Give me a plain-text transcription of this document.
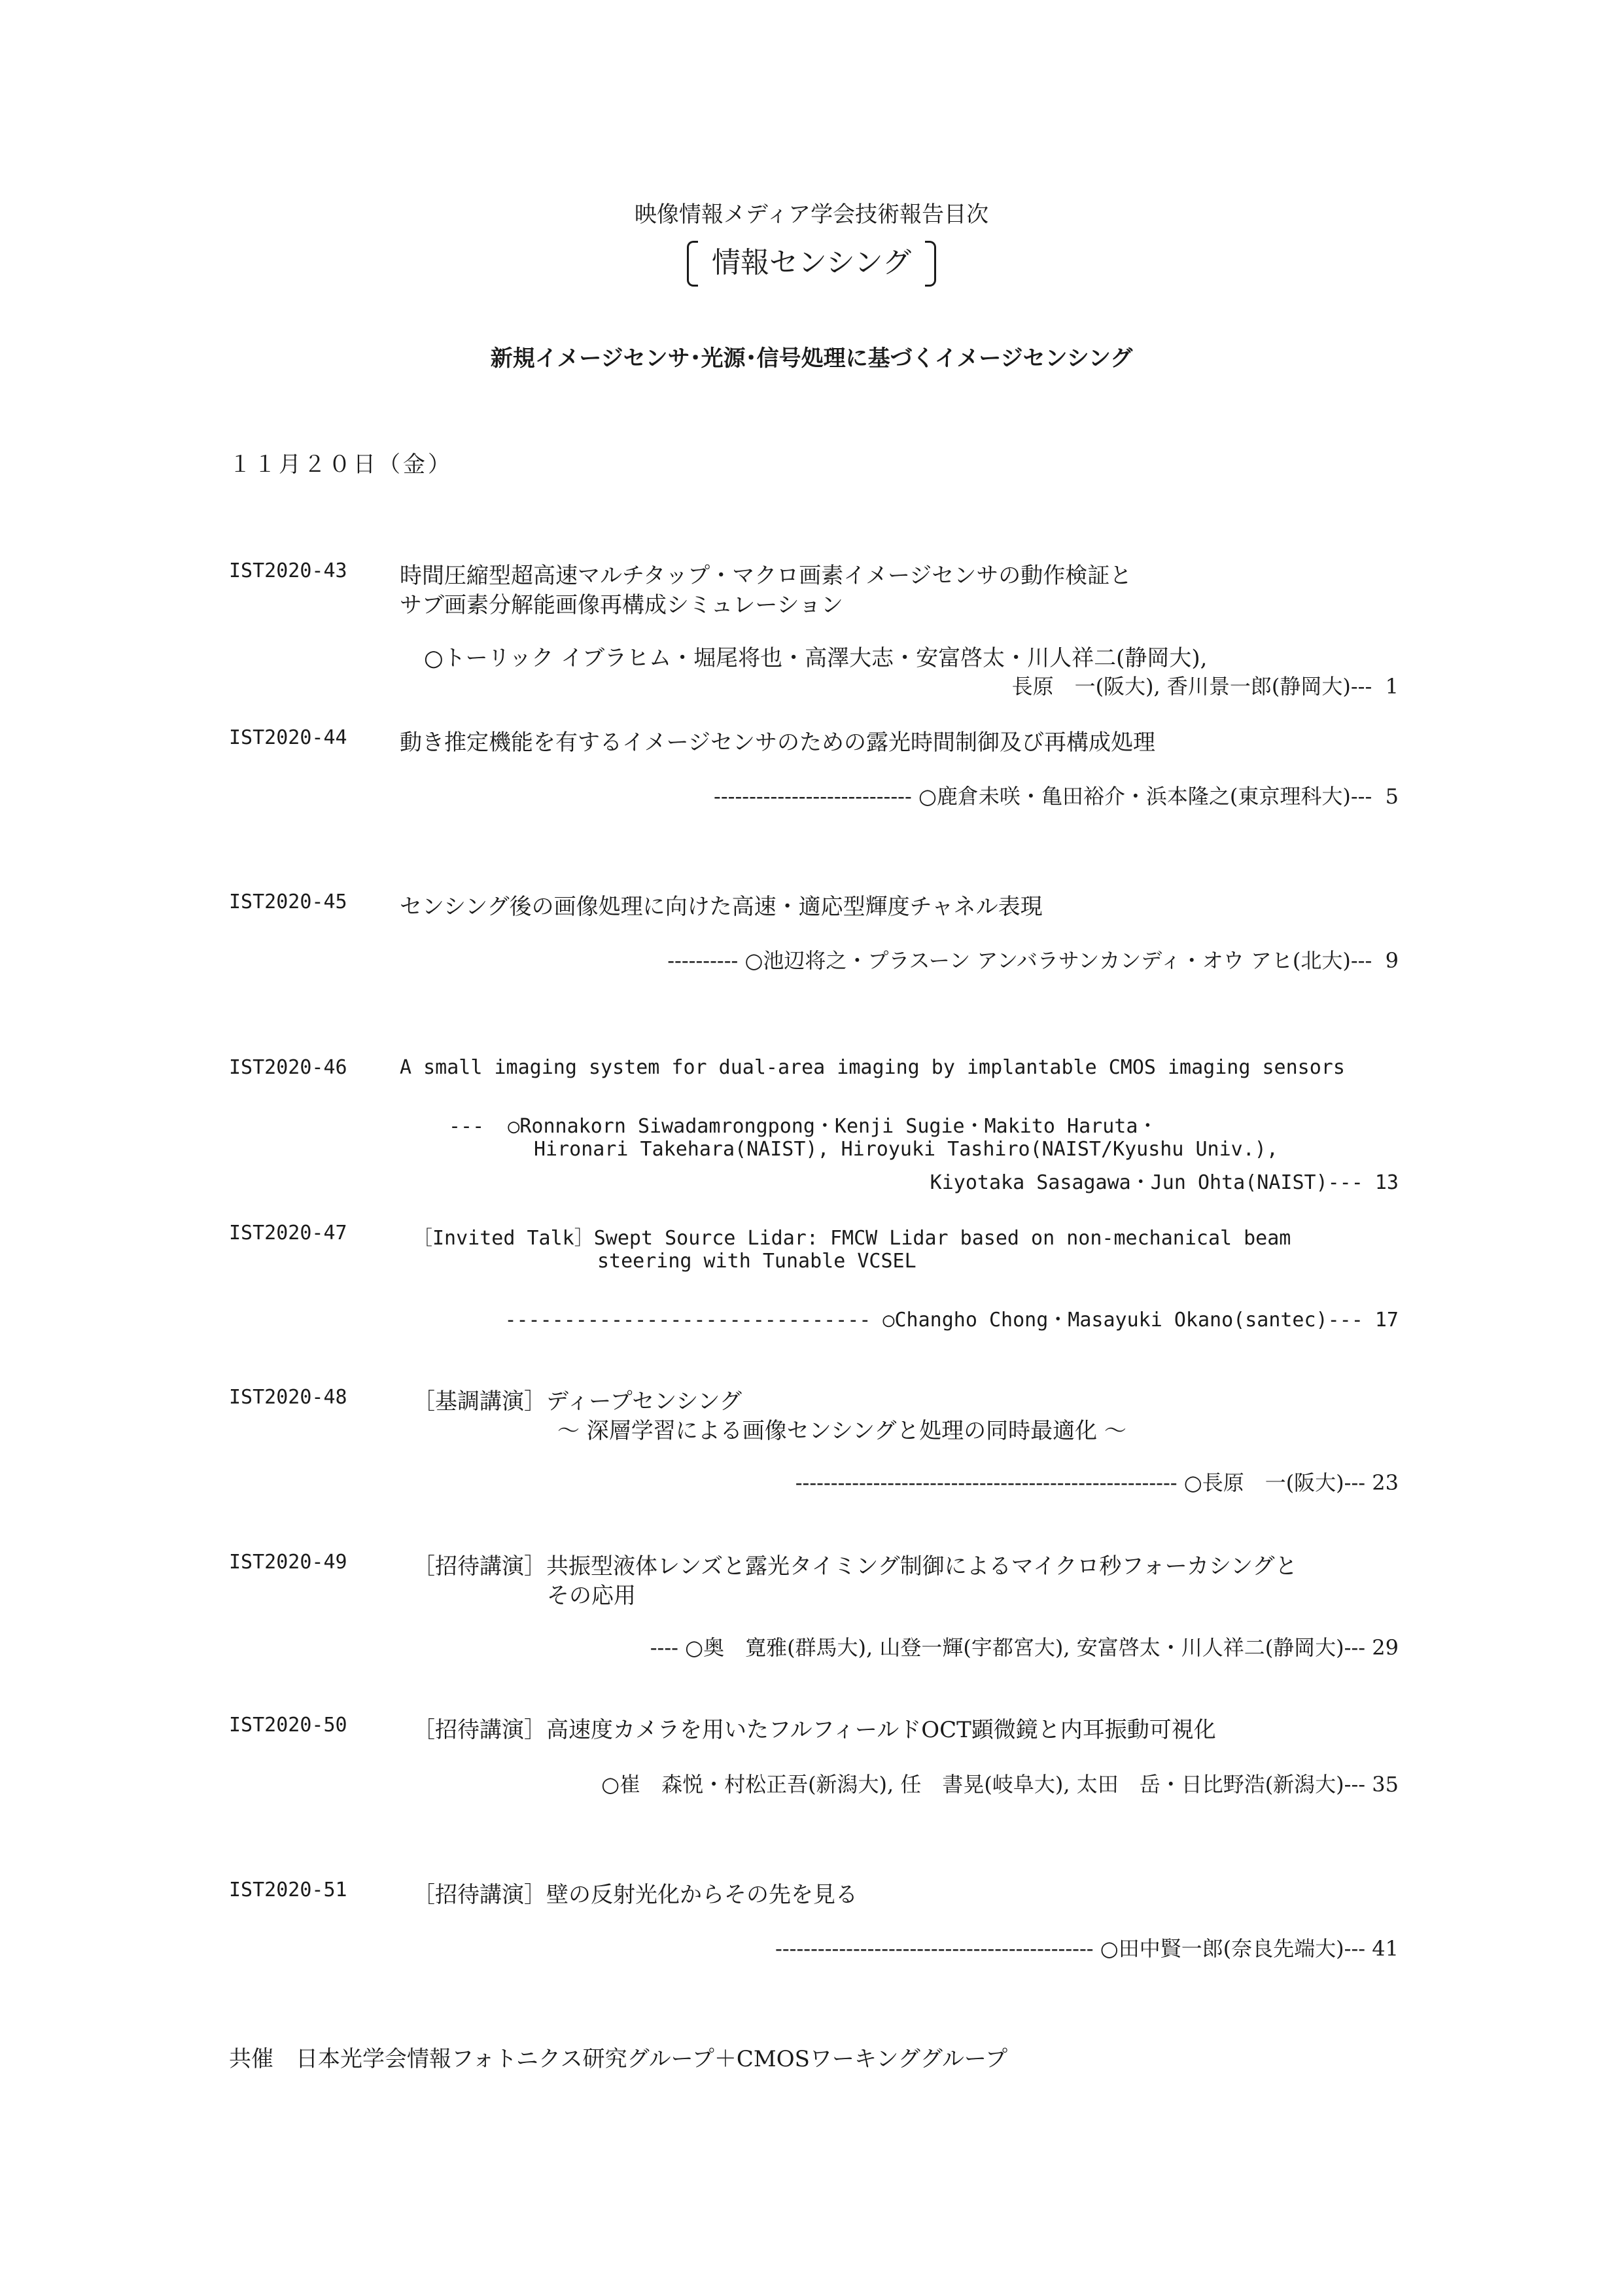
映像情報メディア学会技術報告目次
情報センシング
新規イメージセンサ･光源･信号処理に基づくイメージセンシング
１１月２０日（金）
IST2020-43 時間圧縮型超高速マルチタップ・マクロ画素イメージセンサの動作検証と
サブ画素分解能画像再構成シミュレーション
○トーリック イブラヒム・堀尾将也・高澤大志・安富啓太・川人祥二(静岡大),
長原　一(阪大), 香川景一郎(静岡大)---  1
IST2020-44 動き推定機能を有するイメージセンサのための露光時間制御及び再構成処理
---------------------------- ○鹿倉未咲・亀田裕介・浜本隆之(東京理科大)---  5
IST2020-45 センシング後の画像処理に向けた高速・適応型輝度チャネル表現
---------- ○池辺将之・プラスーン アンバラサンカンディ・オウ アヒ(北大)---  9
IST2020-46	A small imaging system for dual-area imaging by implantable CMOS imaging sensors
---  ○Ronnakorn Siwadamrongpong・Kenji Sugie・Makito Haruta・
Hironari Takehara(NAIST), Hiroyuki Tashiro(NAIST/Kyushu Univ.),
Kiyotaka Sasagawa・Jun Ohta(NAIST)--- 13
IST2020-47	［Invited Talk］Swept Source Lidar: FMCW Lidar based on non-mechanical beam
steering with Tunable VCSEL
------------------------------- ○Changho Chong・Masayuki Okano(santec)--- 17
IST2020-48	［基調講演］ディープセンシング
〜 深層学習による画像センシングと処理の同時最適化 〜
------------------------------------------------------ ○長原　一(阪大)--- 23
IST2020-49	［招待講演］共振型液体レンズと露光タイミング制御によるマイクロ秒フォーカシングと
その応用
---- ○奥　寛雅(群馬大), 山登一輝(宇都宮大), 安富啓太・川人祥二(静岡大)--- 29
IST2020-50	［招待講演］高速度カメラを用いたフルフィールドOCT顕微鏡と内耳振動可視化
○崔　森悦・村松正吾(新潟大), 任　書晃(岐阜大), 太田　岳・日比野浩(新潟大)--- 35
IST2020-51	［招待講演］壁の反射光化からその先を見る
--------------------------------------------- ○田中賢一郎(奈良先端大)--- 41
共催　日本光学会情報フォトニクス研究グループ＋CMOSワーキンググループ
